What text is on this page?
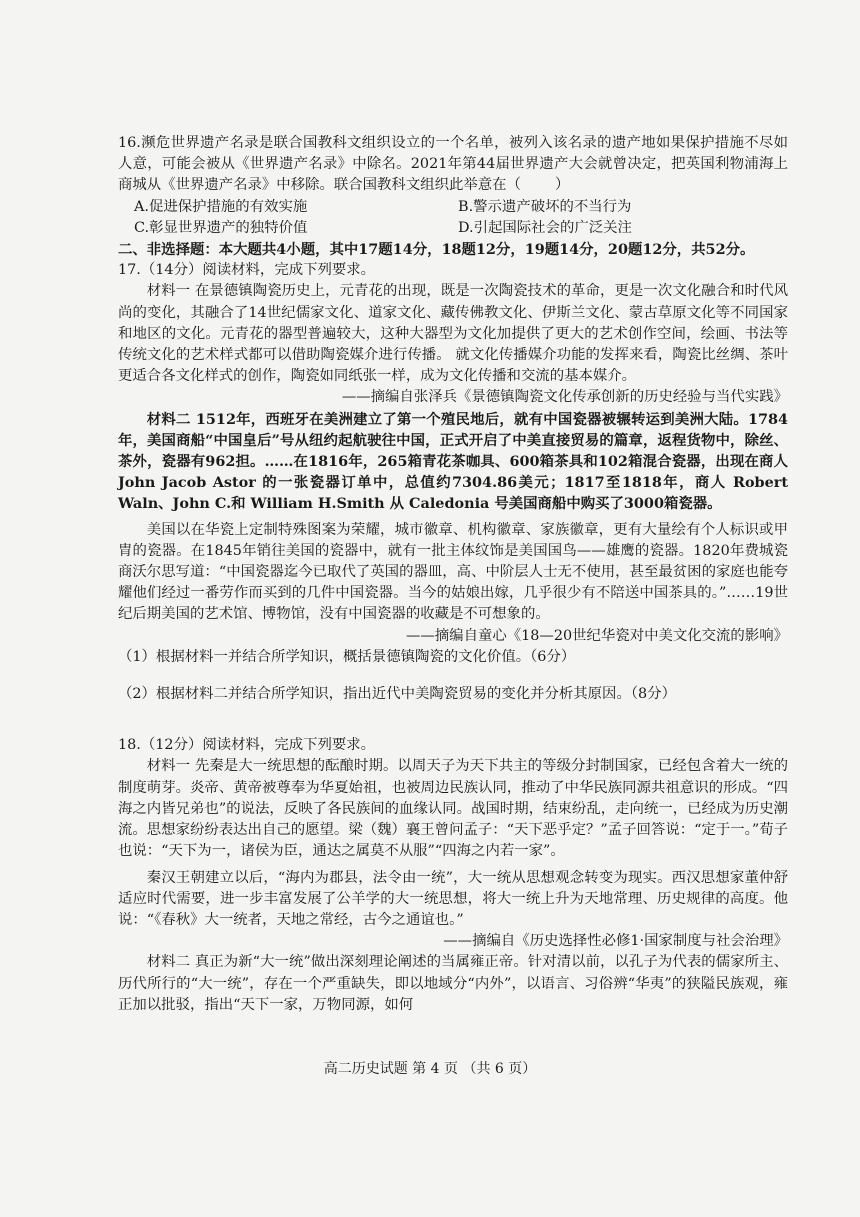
16.濒危世界遗产名录是联合国教科文组织设立的一个名单，被列入该名录的遗产地如果保护措施不尽如人意，可能会被从《世界遗产名录》中除名。2021年第44届世界遗产大会就曾决定，把英国利物浦海上商城从《世界遗产名录》中移除。联合国教科文组织此举意在（ ）

A.促进保护措施的有效实施	B.警示遗产破坏的不当行为
C.彰显世界遗产的独特价值	D.引起国际社会的广泛关注

二、非选择题：本大题共4小题，其中17题14分，18题12分，19题14分，20题12分，共52分。

17.（14分）阅读材料，完成下列要求。

材料一 在景德镇陶瓷历史上，元青花的出现，既是一次陶瓷技术的革命，更是一次文化融合和时代风尚的变化，其融合了14世纪儒家文化、道家文化、藏传佛教文化、伊斯兰文化、蒙古草原文化等不同国家和地区的文化。元青花的器型普遍较大，这种大器型为文化加提供了更大的艺术创作空间，绘画、书法等传统文化的艺术样式都可以借助陶瓷媒介进行传播。 就文化传播媒介功能的发挥来看，陶瓷比丝绸、茶叶更适合各文化样式的创作，陶瓷如同纸张一样，成为文化传播和交流的基本媒介。

——摘编自张泽兵《景德镇陶瓷文化传承创新的历史经验与当代实践》

材料二 1512年，西班牙在美洲建立了第一个殖民地后，就有中国瓷器被辗转运到美洲大陆。1784年，美国商船“中国皇后”号从纽约起航驶往中国，正式开启了中美直接贸易的篇章，返程货物中，除丝、茶外，瓷器有962担。……在1816年，265箱青花茶咖具、600箱茶具和102箱混合瓷器，出现在商人 John Jacob Astor 的一张瓷器订单中，总值约7304.86美元；1817至1818年，商人 Robert Waln、John C.和 William H.Smith 从 Caledonia 号美国商船中购买了3000箱瓷器。

美国以在华瓷上定制特殊图案为荣耀，城市徽章、机构徽章、家族徽章，更有大量绘有个人标识或甲胄的瓷器。在1845年销往美国的瓷器中，就有一批主体纹饰是美国国鸟——雄鹰的瓷器。1820年费城瓷商沃尔思写道：“中国瓷器迄今已取代了英国的器皿，高、中阶层人士无不使用，甚至最贫困的家庭也能夸耀他们经过一番劳作而买到的几件中国瓷器。当今的姑娘出嫁，几乎很少有不陪送中国茶具的。”……19世纪后期美国的艺术馆、博物馆，没有中国瓷器的收藏是不可想象的。

——摘编自童心《18—20世纪华瓷对中美文化交流的影响》

（1）根据材料一并结合所学知识，概括景德镇陶瓷的文化价值。（6分）

（2）根据材料二并结合所学知识，指出近代中美陶瓷贸易的变化并分析其原因。（8分）

18.（12分）阅读材料，完成下列要求。

材料一 先秦是大一统思想的酝酿时期。以周天子为天下共主的等级分封制国家，已经包含着大一统的制度萌芽。炎帝、黄帝被尊奉为华夏始祖，也被周边民族认同，推动了中华民族同源共祖意识的形成。“四海之内皆兄弟也”的说法，反映了各民族间的血缘认同。战国时期，结束纷乱，走向统一，已经成为历史潮流。思想家纷纷表达出自己的愿望。梁（魏）襄王曾问孟子：“天下恶乎定？”孟子回答说：“定于一。”荀子也说：“天下为一，诸侯为臣，通达之属莫不从服”“四海之内若一家”。

秦汉王朝建立以后，“海内为郡县，法令由一统”，大一统从思想观念转变为现实。西汉思想家董仲舒适应时代需要，进一步丰富发展了公羊学的大一统思想，将大一统上升为天地常理、历史规律的高度。他说：“《春秋》大一统者，天地之常经，古今之通谊也。”

——摘编自《历史选择性必修1·国家制度与社会治理》

材料二 真正为新“大一统”做出深刻理论阐述的当属雍正帝。针对清以前，以孔子为代表的儒家所主、历代所行的“大一统”，存在一个严重缺失，即以地域分“内外”，以语言、习俗辨“华夷”的狭隘民族观，雍正加以批驳，指出“天下一家，万物同源，如何

高二历史试题 第 4 页 （共 6 页）
